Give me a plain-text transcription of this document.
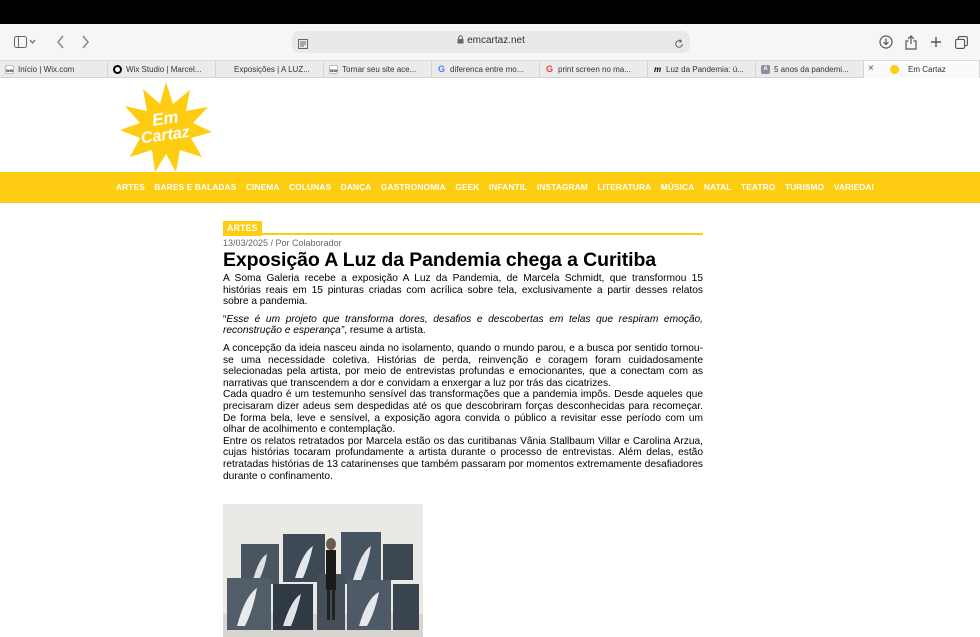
emcartaz.net
WiX Início | Wix.com	Wix Studio | Marcel...	Exposições | A LUZ...	WiX Tornar seu site ace... G diferenca entre mo...	G print screen no ma...	m Luz da Pandemia: ú...	A 5 anos da pandemi... ×	Em Cartaz
Em
Cartaz
ARTES BARES E BALADAS CINEMA COLUNAS DANÇA GASTRONOMIA GEEK INFANTIL INSTAGRAM LITERATURA MÚSICA NATAL TEATRO TURISMO VARIEDAI
ARTES
13/03/2025 / Por Colaborador
Exposição A Luz da Pandemia chega a Curitiba

A Soma Galeria recebe a exposição A Luz da Pandemia, de Marcela Schmidt, que transformou 15 histórias reais em 15 pinturas criadas com acrílica sobre tela, exclusivamente a partir desses relatos sobre a pandemia.

“Esse é um projeto que transforma dores, desafios e descobertas em telas que respiram emoção, reconstrução e esperança”, resume a artista.

A concepção da ideia nasceu ainda no isolamento, quando o mundo parou, e a busca por sentido tornou-se uma necessidade coletiva. Histórias de perda, reinvenção e coragem foram cuidadosamente selecionadas pela artista, por meio de entrevistas profundas e emocionantes, que a conectam com as narrativas que transcendem a dor e convidam a enxergar a luz por trás das cicatrizes.

Cada quadro é um testemunho sensível das transformações que a pandemia impôs. Desde aqueles que precisaram dizer adeus sem despedidas até os que descobriram forças desconhecidas para recomeçar. De forma bela, leve e sensível, a exposição agora convida o público a revisitar esse período com um olhar de acolhimento e contemplação.

Entre os relatos retratados por Marcela estão os das curitibanas Vânia Stallbaum Villar e Carolina Arzua, cujas histórias tocaram profundamente a artista durante o processo de entrevistas. Além delas, estão retratadas histórias de 13 catarinenses que também passaram por momentos extremamente desafiadores durante o confinamento.
